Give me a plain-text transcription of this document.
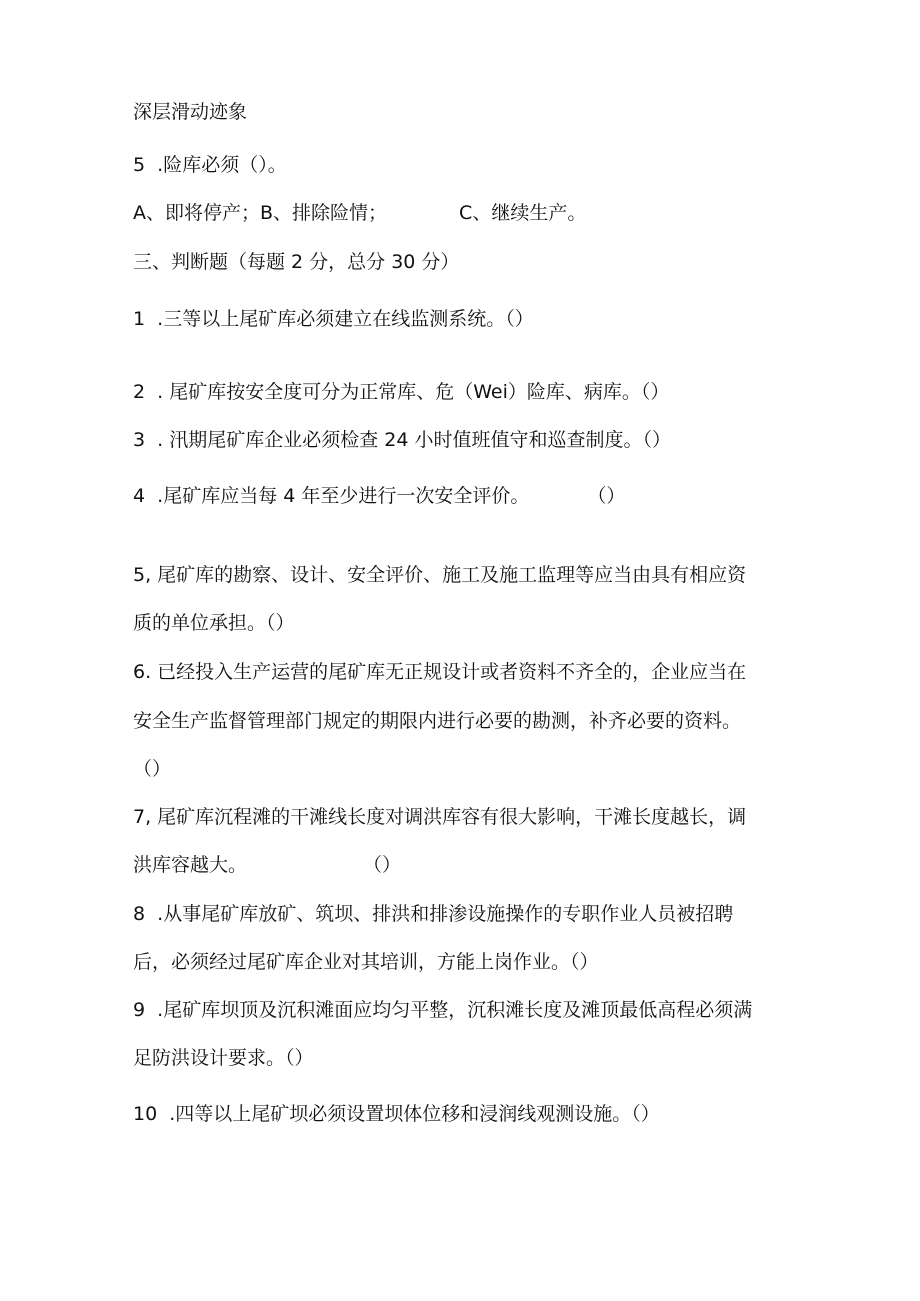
深层滑动迹象

5  .险库必须（）。

A、即将停产；B、排除险情；	C、继续生产。

三、判断题（每题 2 分，总分 30 分）

1  .三等以上尾矿库必须建立在线监测系统。（）

2  . 尾矿库按安全度可分为正常库、危（Wei）险库、病库。（）

3  . 汛期尾矿库企业必须检查 24 小时值班值守和巡查制度。（）

4  .尾矿库应当每 4 年至少进行一次安全评价。	（）

5, 尾矿库的勘察、设计、安全评价、施工及施工监理等应当由具有相应资

质的单位承担。（）

6. 已经投入生产运营的尾矿库无正规设计或者资料不齐全的，企业应当在

安全生产监督管理部门规定的期限内进行必要的勘测，补齐必要的资料。

（）

7, 尾矿库沉程滩的干滩线长度对调洪库容有很大影响，干滩长度越长，调

洪库容越大。	（）

8  .从事尾矿库放矿、筑坝、排洪和排渗设施操作的专职作业人员被招聘

后，必须经过尾矿库企业对其培训，方能上岗作业。（）

9  .尾矿库坝顶及沉积滩面应均匀平整，沉积滩长度及滩顶最低高程必须满

足防洪设计要求。（）

10  .四等以上尾矿坝必须设置坝体位移和浸润线观测设施。（）
